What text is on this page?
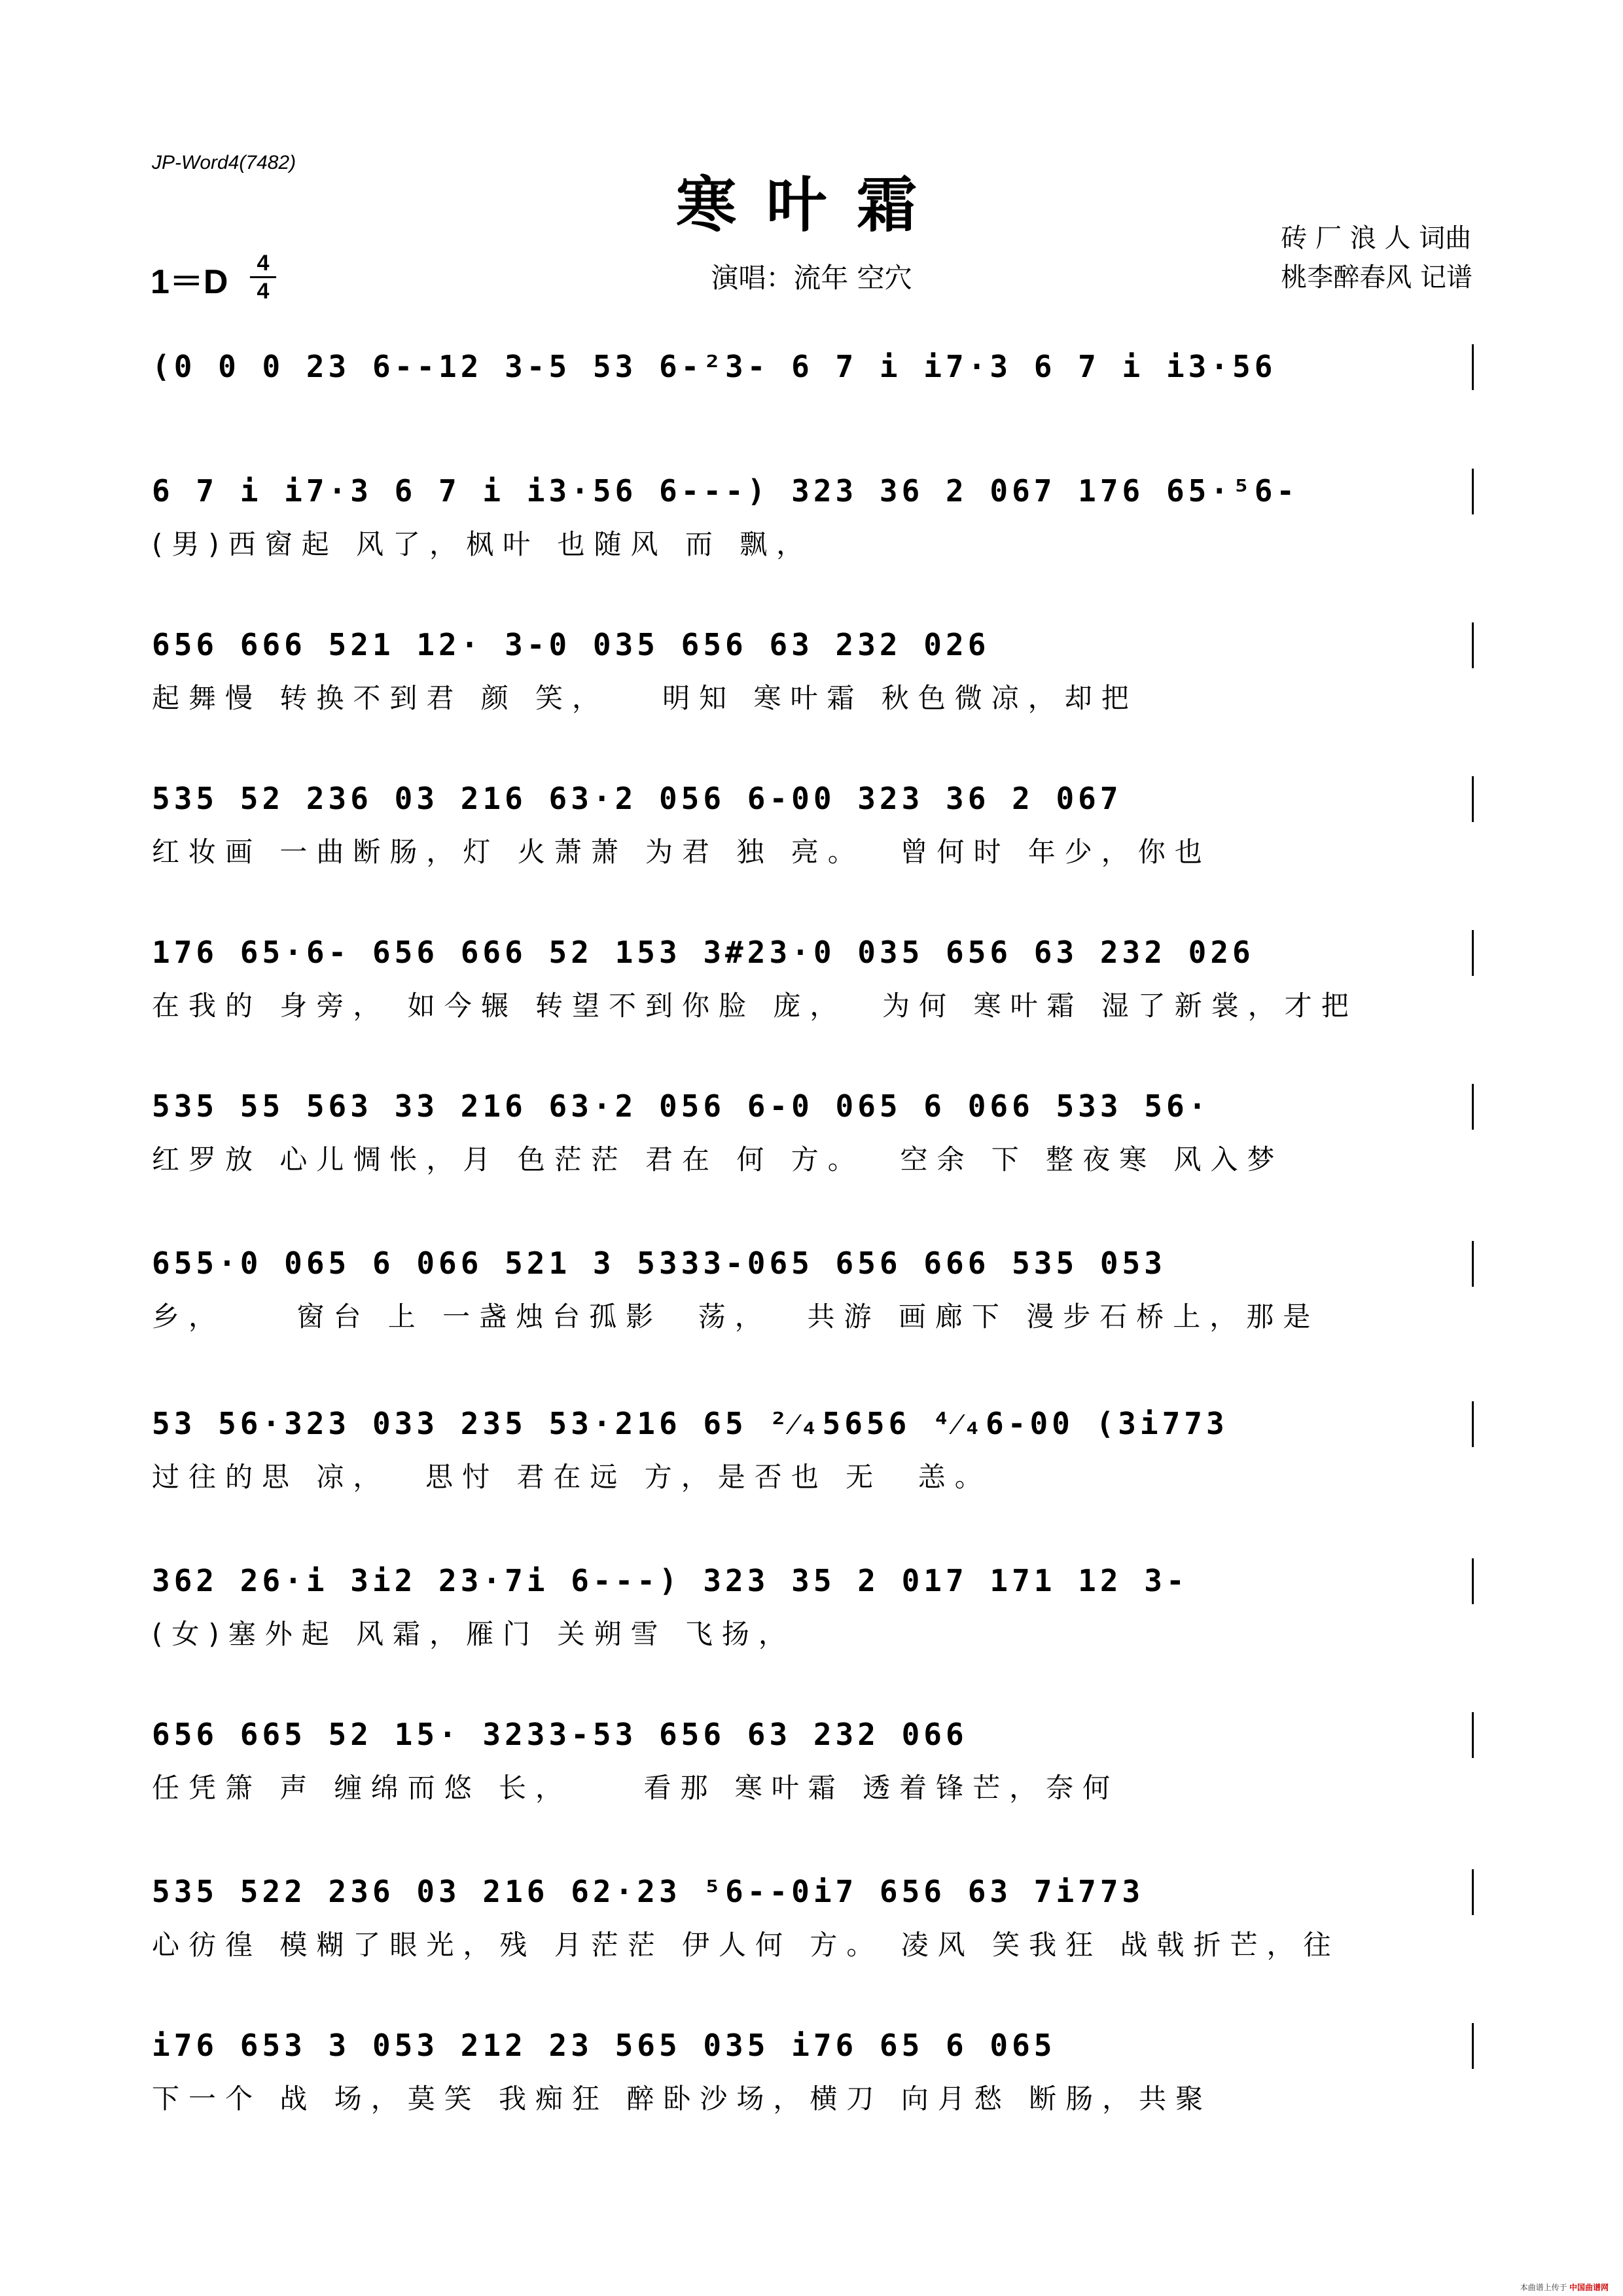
JP-Word4(7482)
寒叶霜
1＝D	4
4	演唱：流年 空穴
砖 厂 浪 人 词曲
桃李醉春风 记谱
(0 0 0 23 6--12 3-5 53 6-²3- 6 7 i i7·3 6 7 i i3·56
6 7 i i7·3 6 7 i i3·56 6---) 323 36 2 067 176 65·⁵6-
(男)西窗起 风了，枫叶 也随风 而 飘，
656 666 521 12· 3-0 035 656 63 232 026
起舞慢 转换不到君 颜 笑，   明知 寒叶霜 秋色微凉，却把
535 52 236 03 216 63·2 056 6-00 323 36 2 067
红妆画 一曲断肠，灯 火萧萧 为君 独 亮。  曾何时 年少，你也
176 65·6- 656 666 52 153 3#23·0 035 656 63 232 026
在我的 身旁， 如今辗 转望不到你脸 庞，  为何 寒叶霜 湿了新裳，才把
535 55 563 33 216 63·2 056 6-0 065 6 066 533 56·
红罗放 心儿惆怅，月 色茫茫 君在 何 方。  空余 下 整夜寒 风入梦
655·0 065 6 066 521 3 5333-065 656 666 535 053
乡，    窗台 上 一盏烛台孤影  荡，  共游 画廊下 漫步石桥上，那是
53 56·323 033 235 53·216 65 ²⁄₄5656 ⁴⁄₄6-00 (3i773
过往的思 凉，  思忖 君在远 方，是否也 无  恙。
362 26·i 3i2 23·7i 6---) 323 35 2 017 171 12 3-
(女)塞外起 风霜，雁门 关朔雪 飞扬，
656 665 52 15· 3233-53 656 63 232 066
任凭箫 声 缠绵而悠 长，    看那 寒叶霜 透着锋芒，奈何
535 522 236 03 216 62·23 ⁵6--0i7 656 63 7i773
心彷徨 模糊了眼光，残 月茫茫 伊人何 方。 凌风 笑我狂 战戟折芒，往
i76 653 3 053 212 23 565 035 i76 65 6 065
下一个 战 场，莫笑 我痴狂 醉卧沙场，横刀 向月愁 断肠，共聚
本曲谱上传于 中国曲谱网
